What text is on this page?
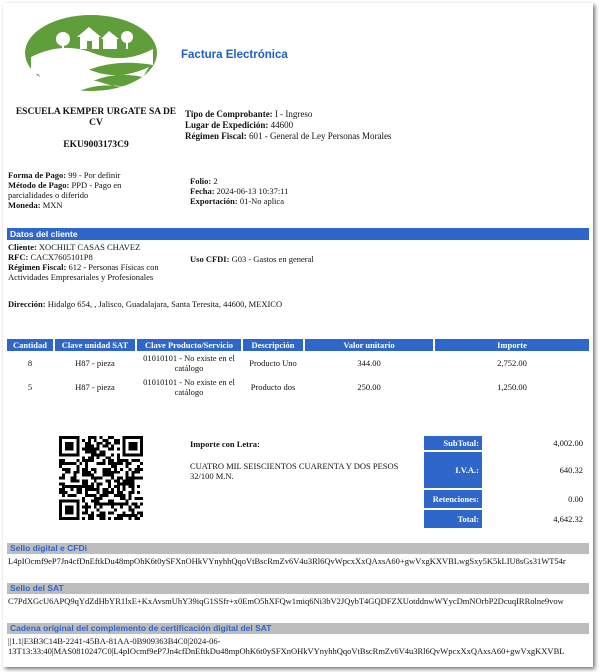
Factura Electrónica
ESCUELA KEMPER URGATE SA DE CV
EKU9003173C9
Tipo de Comprobante: I - Ingreso
Lugar de Expedición: 44600
Régimen Fiscal: 601 - General de Ley Personas Morales
Forma de Pago: 99 - Por definir
Método de Pago: PPD - Pago en parcialidades o diferido
Moneda: MXN
Folio: 2
Fecha: 2024-06-13 10:37:11
Exportación: 01-No aplica
Datos del cliente
Cliente: XOCHILT CASAS CHAVEZ
RFC: CACX7605101P8
Régimen Fiscal: 612 - Personas Físicas con Actividades Empresariales y Profesionales
Uso CFDI: G03 - Gastos en general
Dirección: Hidalgo 654, , Jalisco, Guadalajara, Santa Teresita, 44600, MEXICO
Cantidad	Clave unidad SAT	Clave Producto/Servicio	Descripción	Valor unitario	Importe
8	H87 - pieza	01010101 - No existe en el catálogo	Producto Uno	344.00	2,752.00
5	H87 - pieza	01010101 - No existe en el catálogo	Producto dos	250.00	1,250.00
Importe con Letra:
CUATRO MIL SEISCIENTOS CUARENTA Y DOS PESOS 32/100 M.N.
SubTotal:	4,002.00
I.V.A.:	640.32
Retenciones:	0.00
Total:	4,642.32
Sello digital e CFDi
L4pIOcmf9eP7Jn4cfDnEftkDu48mpOhK6t0ySFXnOHkVYnyhhQqoVtBscRmZv6V4u3Rl6QvWpcxXxQAxsA60+gwVxgKXVBLwgSxy5K5kLIU8sGs31WT54r
Sello del SAT
C7PdXGcU6APQ9qYdZdHbYR1lxE+KxAvsmUhY39iqG1SSfr+x0EmO5hXFQw1miq6Ni3bV2JQybT4GQDFZXUotddnwWYycDmNOrbP2DcuqIRRolne9vow
Cadena original del complemento de certificación digital del SAT
||1.1|E3B3C14B-2241-45BA-81AA-0B909363B4C0|2024-06-
13T13:33:40|MAS0810247C0|L4pIOcmf9eP7Jn4cfDnEftkDu48mpOhK6t0ySFXnOHkVYnyhhQqoVtBscRmZv6V4u3Rl6QvWpcxXxQAxsA60+gwVxgKXVBL
